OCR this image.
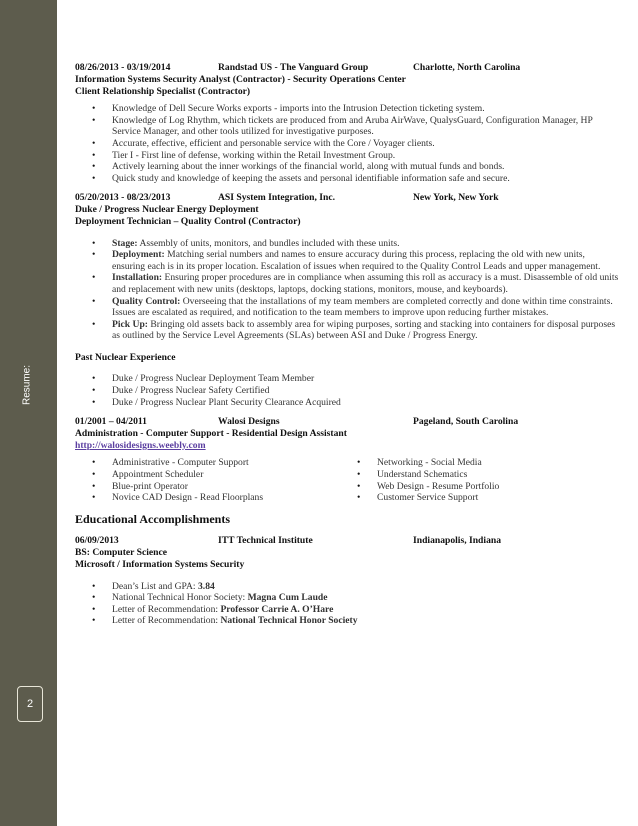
Resume:
2
08/26/2013 - 03/19/2014	Randstad US - The Vanguard Group	Charlotte, North Carolina
Information Systems Security Analyst (Contractor) - Security Operations Center
Client Relationship Specialist (Contractor)
• Knowledge of Dell Secure Works exports - imports into the Intrusion Detection ticketing system.
• Knowledge of Log Rhythm, which tickets are produced from and Aruba AirWave, QualysGuard, Configuration Manager, HP Service Manager, and other tools utilized for investigative purposes.
• Accurate, effective, efficient and personable service with the Core / Voyager clients.
• Tier I - First line of defense, working within the Retail Investment Group.
• Actively learning about the inner workings of the financial world, along with mutual funds and bonds.
• Quick study and knowledge of keeping the assets and personal identifiable information safe and secure.
05/20/2013 - 08/23/2013	ASI System Integration, Inc.	New York, New York
Duke / Progress Nuclear Energy Deployment
Deployment Technician – Quality Control (Contractor)
• Stage: Assembly of units, monitors, and bundles included with these units.
• Deployment: Matching serial numbers and names to ensure accuracy during this process, replacing the old with new units, ensuring each is in its proper location. Escalation of issues when required to the Quality Control Leads and upper management.
• Installation: Ensuring proper procedures are in compliance when assuming this roll as accuracy is a must. Disassemble of old units and replacement with new units (desktops, laptops, docking stations, monitors, mouse, and keyboards).
• Quality Control: Overseeing that the installations of my team members are completed correctly and done within time constraints. Issues are escalated as required, and notification to the team members to improve upon reducing further mistakes.
• Pick Up: Bringing old assets back to assembly area for wiping purposes, sorting and stacking into containers for disposal purposes as outlined by the Service Level Agreements (SLAs) between ASI and Duke / Progress Energy.
Past Nuclear Experience
• Duke / Progress Nuclear Deployment Team Member
• Duke / Progress Nuclear Safety Certified
• Duke / Progress Nuclear Plant Security Clearance Acquired
01/2001 – 04/2011	Walosi Designs	Pageland, South Carolina
Administration - Computer Support - Residential Design Assistant
http://walosidesigns.weebly.com
• Administrative - Computer Support
• Appointment Scheduler
• Blue-print Operator
• Novice CAD Design - Read Floorplans
• Networking - Social Media
• Understand Schematics
• Web Design - Resume Portfolio
• Customer Service Support
Educational Accomplishments
06/09/2013	ITT Technical Institute	Indianapolis, Indiana
BS: Computer Science
Microsoft / Information Systems Security
• Dean’s List and GPA: 3.84
• National Technical Honor Society: Magna Cum Laude
• Letter of Recommendation: Professor Carrie A. O’Hare
• Letter of Recommendation: National Technical Honor Society
